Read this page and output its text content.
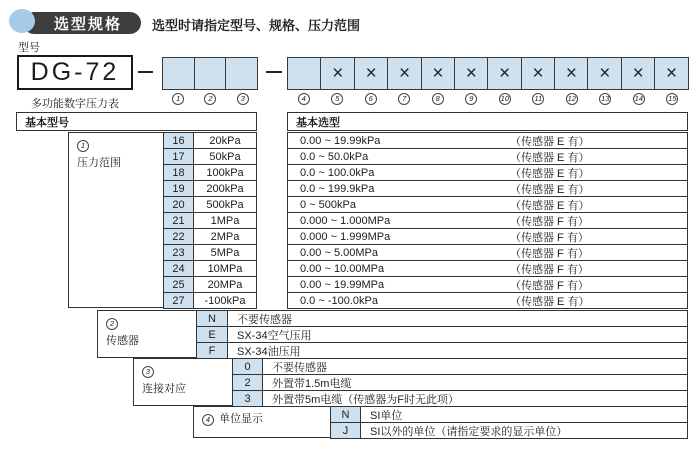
选型规格	选型时请指定型号、规格、压力范围
型号
DG-72
1	2	3
×	×	×	×	×	×	×	×	×	×	×
4	5	6	7	8	9	10	11	12	13	14	15
多功能数字压力表
基本型号	基本选型
1
压力范围
16	20kPa	0.00 ~ 19.99kPa	（传感器 E 有）
17	50kPa	0.0 ~ 50.0kPa	（传感器 E 有）
18	100kPa	0.0 ~ 100.0kPa	（传感器 E 有）
19	200kPa	0.0 ~ 199.9kPa	（传感器 E 有）
20	500kPa	0 ~ 500kPa	（传感器 E 有）
21	1MPa	0.000 ~ 1.000MPa	（传感器 F 有）
22	2MPa	0.000 ~ 1.999MPa	（传感器 F 有）
23	5MPa	0.00 ~ 5.00MPa	（传感器 F 有）
24	10MPa	0.00 ~ 10.00MPa	（传感器 F 有）
25	20MPa	0.00 ~ 19.99MPa	（传感器 F 有）
27	-100kPa	0.0 ~ -100.0kPa	（传感器 E 有）
2
传感器
N	不要传感器
E	SX-34空气压用
F	SX-34油压用
3
连接对应
0	不要传感器
2	外置带1.5m电缆
3	外置带5m电缆（传感器为F时无此项）
4 单位显示	N	SI单位
J	SI以外的单位（请指定要求的显示单位）
